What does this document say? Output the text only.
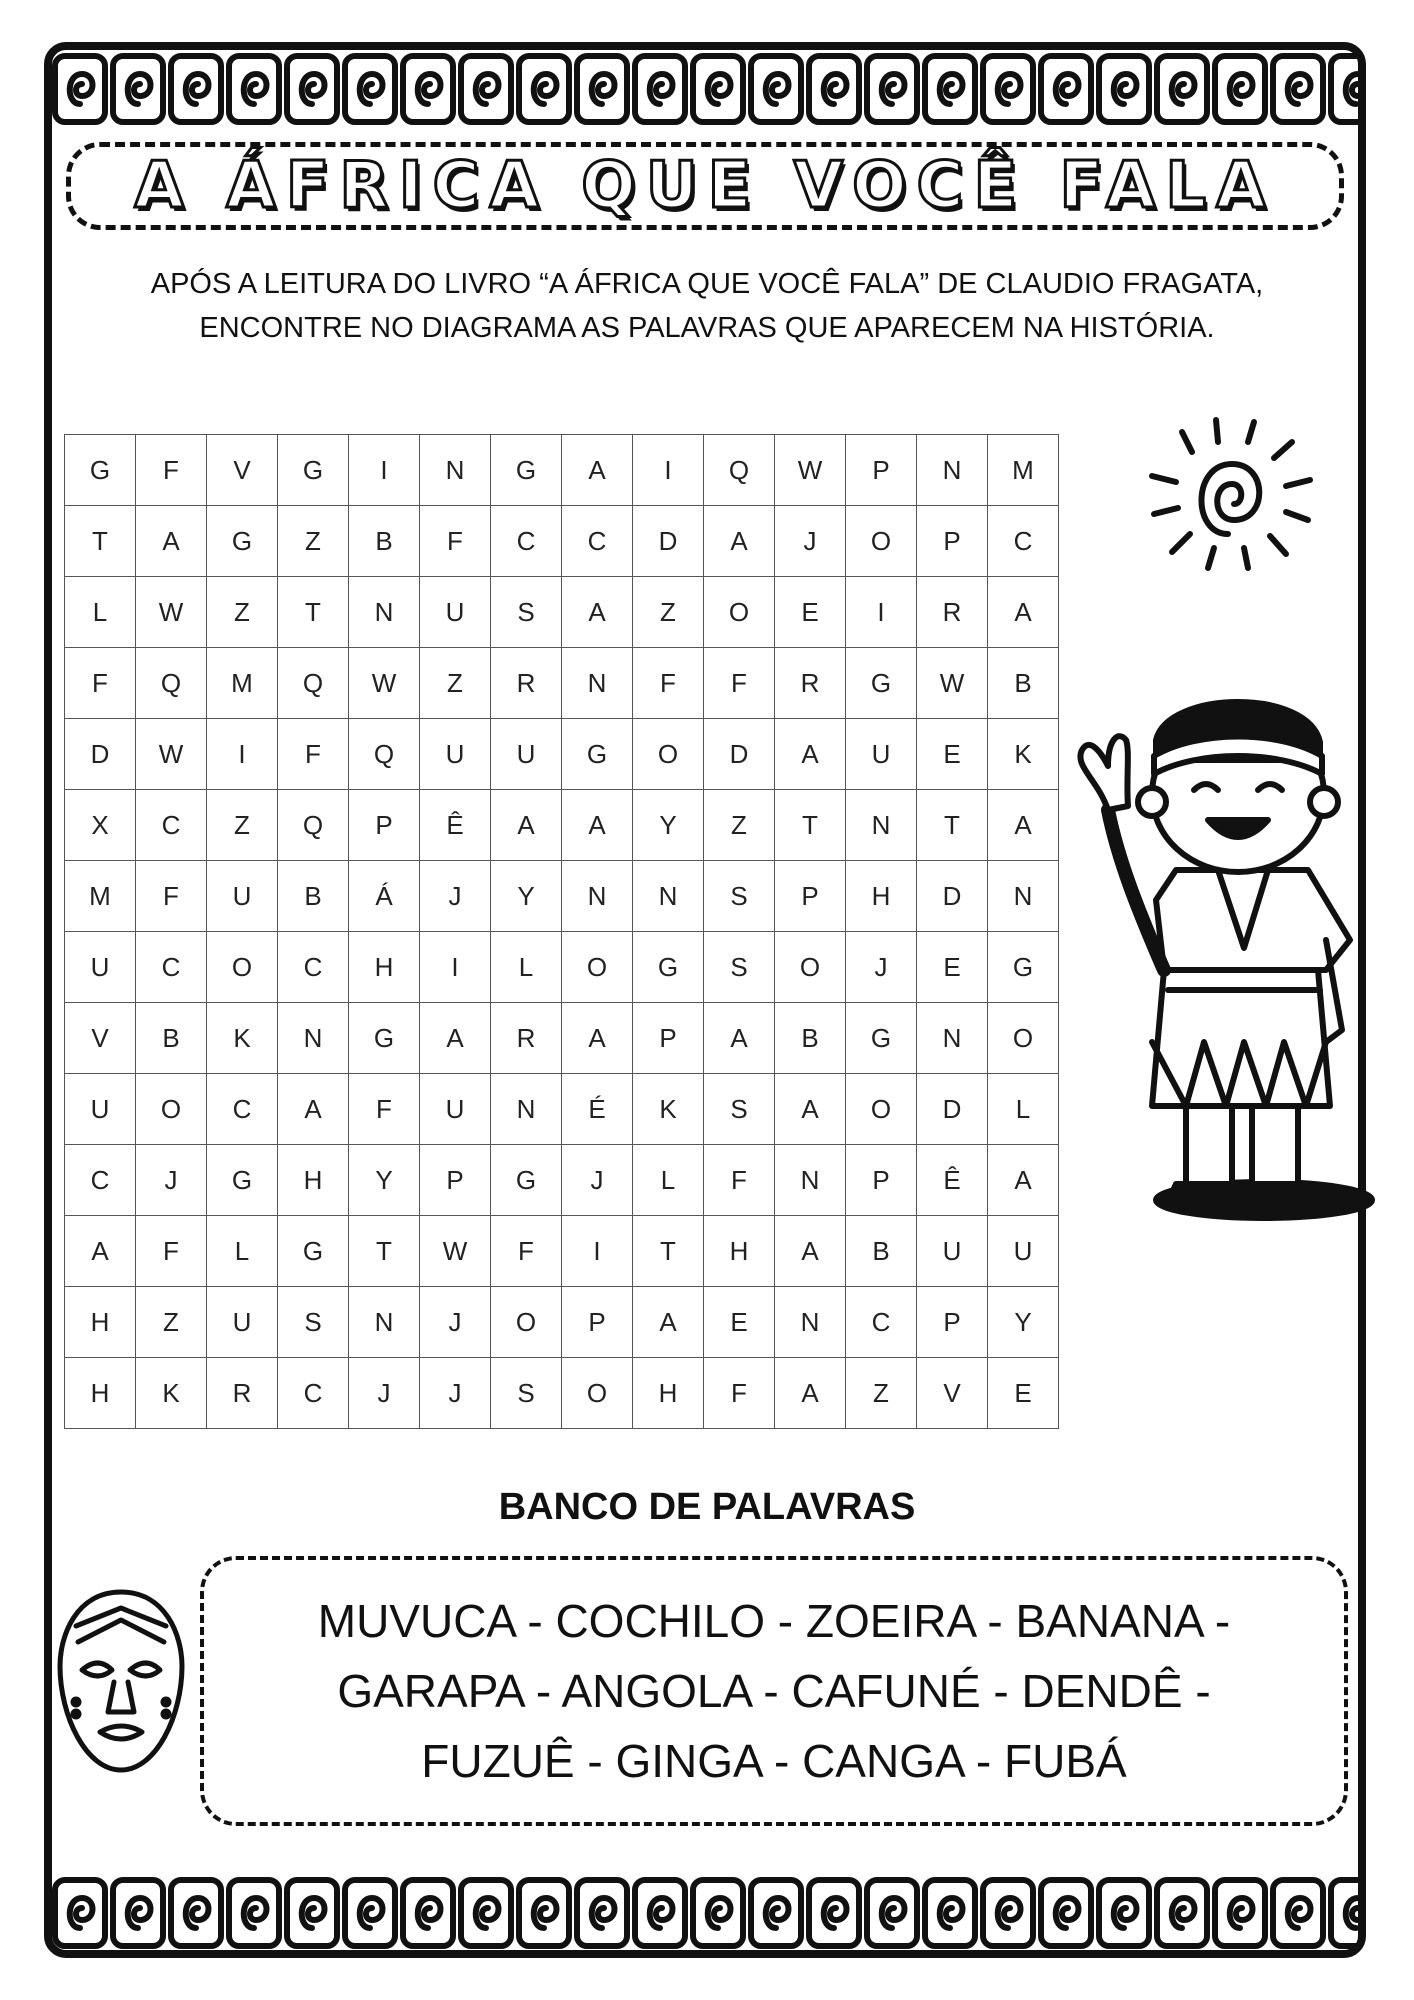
A ÁFRICA QUE VOCÊ FALA

APÓS A LEITURA DO LIVRO “A ÁFRICA QUE VOCÊ FALA” DE CLAUDIO FRAGATA,
ENCONTRE NO DIAGRAMA AS PALAVRAS QUE APARECEM NA HISTÓRIA.

G	F	V	G	I	N	G	A	I	Q	W	P	N	M
T	A	G	Z	B	F	C	C	D	A	J	O	P	C
L	W	Z	T	N	U	S	A	Z	O	E	I	R	A
F	Q	M	Q	W	Z	R	N	F	F	R	G	W	B
D	W	I	F	Q	U	U	G	O	D	A	U	E	K
X	C	Z	Q	P	Ê	A	A	Y	Z	T	N	T	A
M	F	U	B	Á	J	Y	N	N	S	P	H	D	N
U	C	O	C	H	I	L	O	G	S	O	J	E	G
V	B	K	N	G	A	R	A	P	A	B	G	N	O
U	O	C	A	F	U	N	É	K	S	A	O	D	L
C	J	G	H	Y	P	G	J	L	F	N	P	Ê	A
A	F	L	G	T	W	F	I	T	H	A	B	U	U
H	Z	U	S	N	J	O	P	A	E	N	C	P	Y
H	K	R	C	J	J	S	O	H	F	A	Z	V	E
BANCO DE PALAVRAS
MUVUCA - COCHILO - ZOEIRA - BANANA -
GARAPA - ANGOLA - CAFUNÉ - DENDÊ -
FUZUÊ - GINGA - CANGA - FUBÁ
